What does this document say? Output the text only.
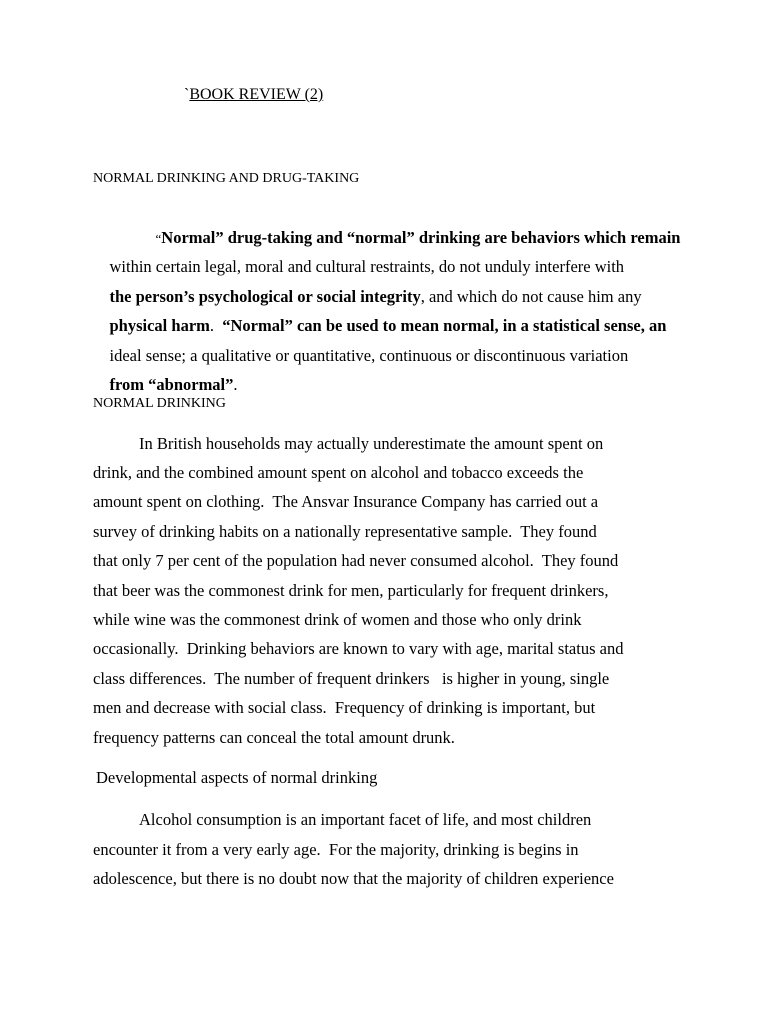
`BOOK REVIEW (2)
NORMAL DRINKING AND DRUG-TAKING

“Normal” drug-taking and “normal” drinking are behaviors which remain

within certain legal, moral and cultural restraints, do not unduly interfere with

the person’s psychological or social integrity, and which do not cause him any

physical harm.  “Normal” can be used to mean normal, in a statistical sense, an

ideal sense; a qualitative or quantitative, continuous or discontinuous variation

from “abnormal”.

NORMAL DRINKING
In British households may actually underestimate the amount spent on
drink, and the combined amount spent on alcohol and tobacco exceeds the
amount spent on clothing.  The Ansvar Insurance Company has carried out a
survey of drinking habits on a nationally representative sample.  They found
that only 7 per cent of the population had never consumed alcohol.  They found
that beer was the commonest drink for men, particularly for frequent drinkers,
while wine was the commonest drink of women and those who only drink
occasionally.  Drinking behaviors are known to vary with age, marital status and
class differences.  The number of frequent drinkers   is higher in young, single
men and decrease with social class.  Frequency of drinking is important, but
frequency patterns can conceal the total amount drunk.
Developmental aspects of normal drinking
Alcohol consumption is an important facet of life, and most children
encounter it from a very early age.  For the majority, drinking is begins in
adolescence, but there is no doubt now that the majority of children experience
